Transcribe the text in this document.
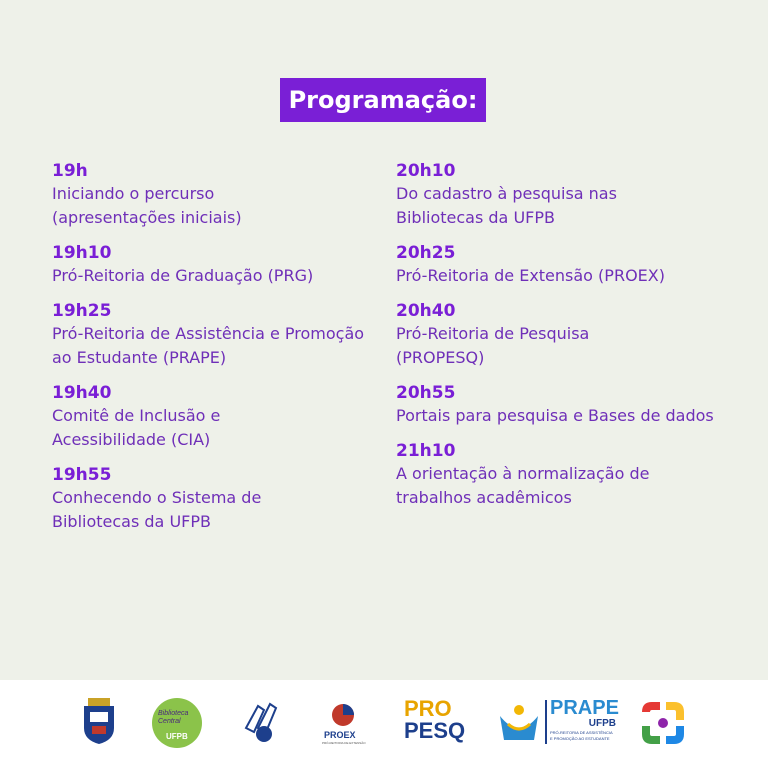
Programação:
19h
Iniciando o percurso (apresentações iniciais)
19h10
Pró-Reitoria de Graduação (PRG)
19h25
Pró-Reitoria de Assistência e Promoção ao Estudante (PRAPE)
19h40
Comitê de Inclusão e Acessibilidade (CIA)
19h55
Conhecendo o Sistema de Bibliotecas da UFPB
20h10
Do cadastro à pesquisa nas Bibliotecas da UFPB
20h25
Pró-Reitoria de Extensão (PROEX)
20h40
Pró-Reitoria de Pesquisa (PROPESQ)
20h55
Portais para pesquisa e Bases de dados
21h10
A orientação à normalização de trabalhos acadêmicos
Biblioteca Central
UFPB	PROEX
PRÓ-REITORIA DE EXTENSÃO
PRO
PESQ
PRAPE
UFPB
PRÓ-REITORIA DE ASSISTÊNCIA
E PROMOÇÃO AO ESTUDANTE
